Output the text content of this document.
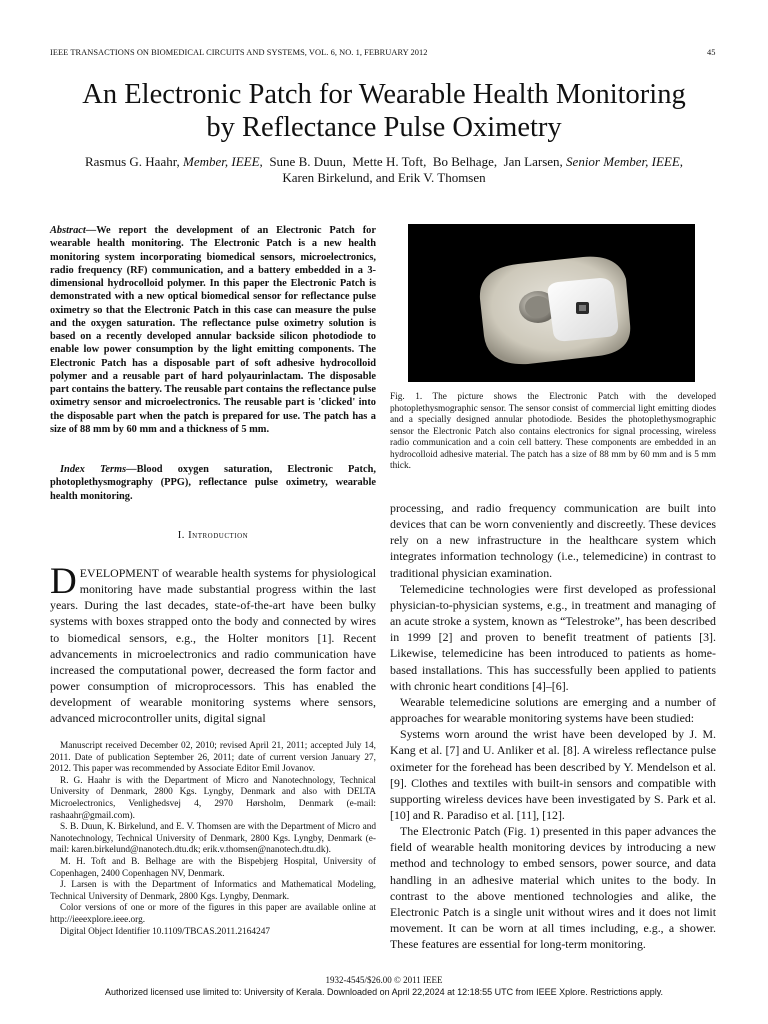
IEEE TRANSACTIONS ON BIOMEDICAL CIRCUITS AND SYSTEMS, VOL. 6, NO. 1, FEBRUARY 2012	45
An Electronic Patch for Wearable Health Monitoring
by Reflectance Pulse Oximetry
Rasmus G. Haahr, Member, IEEE, Sune B. Duun, Mette H. Toft, Bo Belhage, Jan Larsen, Senior Member, IEEE,
Karen Birkelund, and Erik V. Thomsen
Abstract—We report the development of an Electronic Patch for wearable health monitoring. The Electronic Patch is a new health monitoring system incorporating biomedical sensors, microelectronics, radio frequency (RF) communication, and a battery embedded in a 3-dimensional hydrocolloid polymer. In this paper the Electronic Patch is demonstrated with a new optical biomedical sensor for reflectance pulse oximetry so that the Electronic Patch in this case can measure the pulse and the oxygen saturation. The reflectance pulse oximetry solution is based on a recently developed annular backside silicon photodiode to enable low power consumption by the light emitting components. The Electronic Patch has a disposable part of soft adhesive hydrocolloid polymer and a reusable part of hard polyaurinlactam. The disposable part contains the battery. The reusable part contains the reflectance pulse oximetry sensor and microelectronics. The reusable part is 'clicked' into the disposable part when the patch is prepared for use. The patch has a size of 88 mm by 60 mm and a thickness of 5 mm.
Index Terms—Blood oxygen saturation, Electronic Patch, photoplethysmography (PPG), reflectance pulse oximetry, wearable health monitoring.
I. Introduction
DEVELOPMENT of wearable health systems for physiological monitoring have made substantial progress within the last years. During the last decades, state-of-the-art have been bulky systems with boxes strapped onto the body and connected by wires to biomedical sensors, e.g., the Holter monitors [1]. Recent advancements in microelectronics and radio communication have increased the computational power, decreased the form factor and power consumption of microprocessors. This has enabled the development of wearable monitoring systems where sensors, advanced microcontroller units, digital signal

Manuscript received December 02, 2010; revised April 21, 2011; accepted July 14, 2011. Date of publication September 26, 2011; date of current version January 27, 2012. This paper was recommended by Associate Editor Emil Jovanov.

R. G. Haahr is with the Department of Micro and Nanotechnology, Technical University of Denmark, 2800 Kgs. Lyngby, Denmark and also with DELTA Microelectronics, Venlighedsvej 4, 2970 Hørsholm, Denmark (e-mail: rashaahr@gmail.com).

S. B. Duun, K. Birkelund, and E. V. Thomsen are with the Department of Micro and Nanotechnology, Technical University of Denmark, 2800 Kgs. Lyngby, Denmark (e-mail: karen.birkelund@nanotech.dtu.dk; erik.v.thomsen@nanotech.dtu.dk).

M. H. Toft and B. Belhage are with the Bispebjerg Hospital, University of Copenhagen, 2400 Copenhagen NV, Denmark.

J. Larsen is with the Department of Informatics and Mathematical Modeling, Technical University of Denmark, 2800 Kgs. Lyngby, Denmark.

Color versions of one or more of the figures in this paper are available online at http://ieeexplore.ieee.org.

Digital Object Identifier 10.1109/TBCAS.2011.2164247

Fig. 1. The picture shows the Electronic Patch with the developed photoplethysmographic sensor. The sensor consist of commercial light emitting diodes and a specially designed annular photodiode. Besides the photoplethysmographic sensor the Electronic Patch also contains electronics for signal processing, wireless radio communication and a coin cell battery. These components are embedded in an hydrocolloid adhesive material. The patch has a size of 88 mm by 60 mm and is 5 mm thick.

processing, and radio frequency communication are built into devices that can be worn conveniently and discreetly. These devices rely on a new infrastructure in the healthcare system which integrates information technology (i.e., telemedicine) in contrast to traditional physician examination.

Telemedicine technologies were first developed as professional physician-to-physician systems, e.g., in treatment and managing of an acute stroke a system, known as “Telestroke”, has been described in 1999 [2] and proven to benefit treatment of patients [3]. Likewise, telemedicine has been introduced to patients as home-based installations. This has successfully been applied to patients with chronic heart conditions [4]–[6].

Wearable telemedicine solutions are emerging and a number of approaches for wearable monitoring systems have been studied:

Systems worn around the wrist have been developed by J. M. Kang et al. [7] and U. Anliker et al. [8]. A wireless reflectance pulse oximeter for the forehead has been described by Y. Mendelson et al. [9]. Clothes and textiles with built-in sensors and compatible with supporting wireless devices have been investigated by S. Park et al. [10] and R. Paradiso et al. [11], [12].

The Electronic Patch (Fig. 1) presented in this paper advances the field of wearable health monitoring devices by introducing a new method and technology to embed sensors, power source, and data handling in an adhesive material which unites to the body. In contrast to the above mentioned technologies and alike, the Electronic Patch is a single unit without wires and it does not limit movement. It can be worn at all times including, e.g., a shower. These features are essential for long-term monitoring.

1932-4545/$26.00 © 2011 IEEE
Authorized licensed use limited to: University of Kerala. Downloaded on April 22,2024 at 12:18:55 UTC from IEEE Xplore. Restrictions apply.
